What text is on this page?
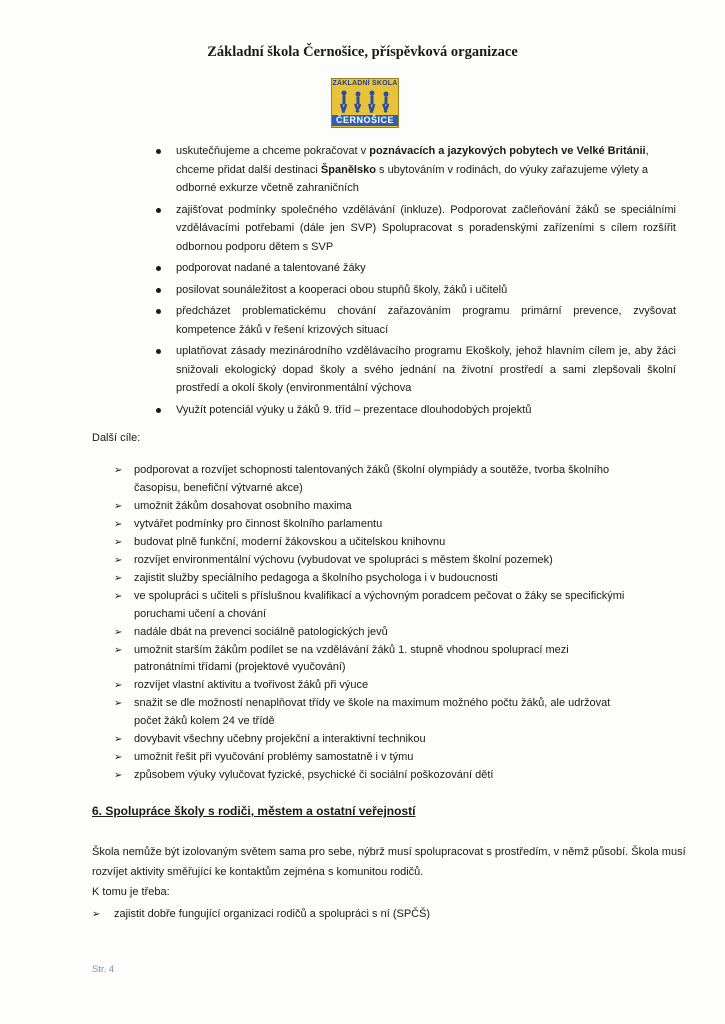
Základní škola Černošice, příspěvková organizace
ZÁKLADNÍ ŠKOLA
ČERNOŠICE
uskutečňujeme a chceme pokračovat v poznávacích a jazykových pobytech ve Velké Británii, chceme přidat další destinaci Španělsko s ubytováním v rodinách, do výuky zařazujeme výlety a odborné exkurze včetně zahraničních
zajišťovat podmínky společného vzdělávání (inkluze). Podporovat začleňování žáků se speciálními vzdělávacími potřebami (dále jen SVP) Spolupracovat s poradenskými zařízeními s cílem rozšířit odbornou podporu dětem s SVP
podporovat nadané a talentované žáky
posilovat sounáležitost a kooperaci obou stupňů školy, žáků i učitelů
předcházet problematickému chování zařazováním programu primární prevence, zvyšovat kompetence žáků v řešení krizových situací
uplatňovat zásady mezinárodního vzdělávacího programu Ekoškoly, jehož hlavním cílem je, aby žáci snižovali ekologický dopad školy a svého jednání na životní prostředí a sami zlepšovali školní prostředí a okolí školy (environmentální výchova
Využít potenciál výuky u žáků 9. tříd – prezentace dlouhodobých projektů
Další cíle:
➢ podporovat a rozvíjet schopnosti talentovaných žáků (školní olympiády a soutěže, tvorba školního časopisu, benefiční výtvarné akce)
➢ umožnit žákům dosahovat osobního maxima
➢ vytvářet podmínky pro činnost školního parlamentu
➢ budovat plně funkční, moderní žákovskou a učitelskou knihovnu
➢ rozvíjet environmentální výchovu (vybudovat ve spolupráci s městem školní pozemek)
➢ zajistit služby speciálního pedagoga a školního psychologa i v budoucnosti
➢ ve spolupráci s učiteli s příslušnou kvalifikací a výchovným poradcem pečovat o žáky se specifickými poruchami učení a chování
➢ nadále dbát na prevenci sociálně patologických jevů
➢ umožnit starším žákům podílet se na vzdělávání žáků 1. stupně vhodnou spoluprací mezi patronátními třídami (projektové vyučování)
➢ rozvíjet vlastní aktivitu a tvořivost žáků při výuce
➢ snažit se dle možností nenaplňovat třídy ve škole na maximum možného počtu žáků, ale udržovat počet žáků kolem 24 ve třídě
➢ dovybavit všechny učebny projekční a interaktivní technikou
➢ umožnit řešit při vyučování problémy samostatně i v týmu
➢ způsobem výuky vylučovat fyzické, psychické či sociální poškozování dětí
6. Spolupráce školy s rodiči, městem a ostatní veřejností
Škola nemůže být izolovaným světem sama pro sebe, nýbrž musí spolupracovat s prostředím, v němž působí. Škola musí rozvíjet aktivity směřující ke kontaktům zejména s komunitou rodičů.
K tomu je třeba:
➢ zajistit dobře fungující organizaci rodičů a spolupráci s ní (SPČŠ)
Str. 4
